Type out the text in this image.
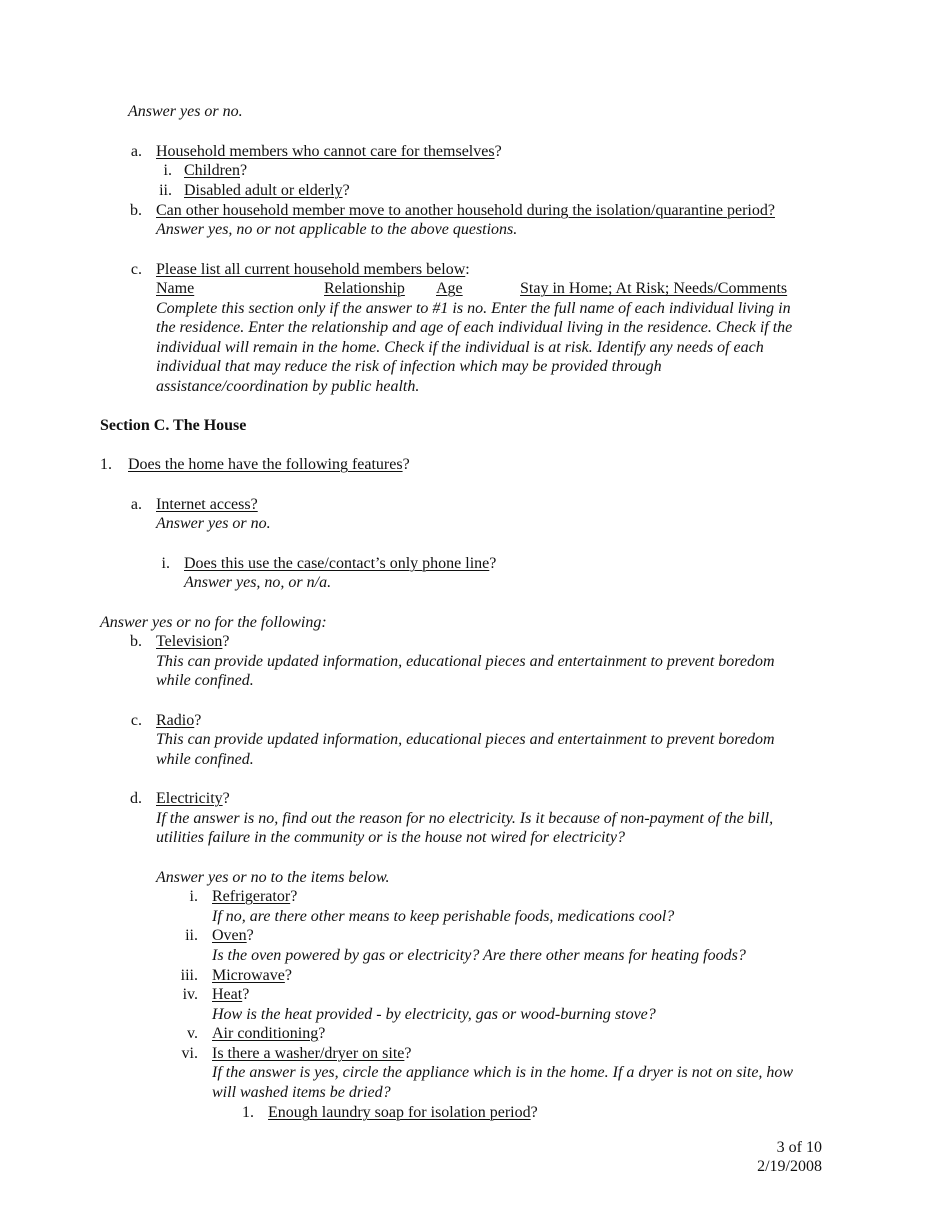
Answer yes or no.
a. Household members who cannot care for themselves?
i. Children?
ii. Disabled adult or elderly?
b. Can other household member move to another household during the isolation/quarantine period?
Answer yes, no or not applicable to the above questions.
c. Please list all current household members below:
Name	Relationship Age	Stay in Home; At Risk; Needs/Comments
Complete this section only if the answer to #1 is no. Enter the full name of each individual living in
the residence. Enter the relationship and age of each individual living in the residence. Check if the
individual will remain in the home. Check if the individual is at risk. Identify any needs of each
individual that may reduce the risk of infection which may be provided through
assistance/coordination by public health.
Section C. The House
1. Does the home have the following features?
a. Internet access?
Answer yes or no.
i. Does this use the case/contact’s only phone line?
Answer yes, no, or n/a.
Answer yes or no for the following:
b. Television?
This can provide updated information, educational pieces and entertainment to prevent boredom
while confined.
c. Radio?
This can provide updated information, educational pieces and entertainment to prevent boredom
while confined.
d. Electricity?
If the answer is no, find out the reason for no electricity. Is it because of non-payment of the bill,
utilities failure in the community or is the house not wired for electricity?
Answer yes or no to the items below.
i. Refrigerator?
If no, are there other means to keep perishable foods, medications cool?
ii. Oven?
Is the oven powered by gas or electricity? Are there other means for heating foods?
iii. Microwave?
iv. Heat?
How is the heat provided - by electricity, gas or wood-burning stove?
v. Air conditioning?
vi. Is there a washer/dryer on site?
If the answer is yes, circle the appliance which is in the home. If a dryer is not on site, how
will washed items be dried?
1. Enough laundry soap for isolation period?
3 of 10
2/19/2008
